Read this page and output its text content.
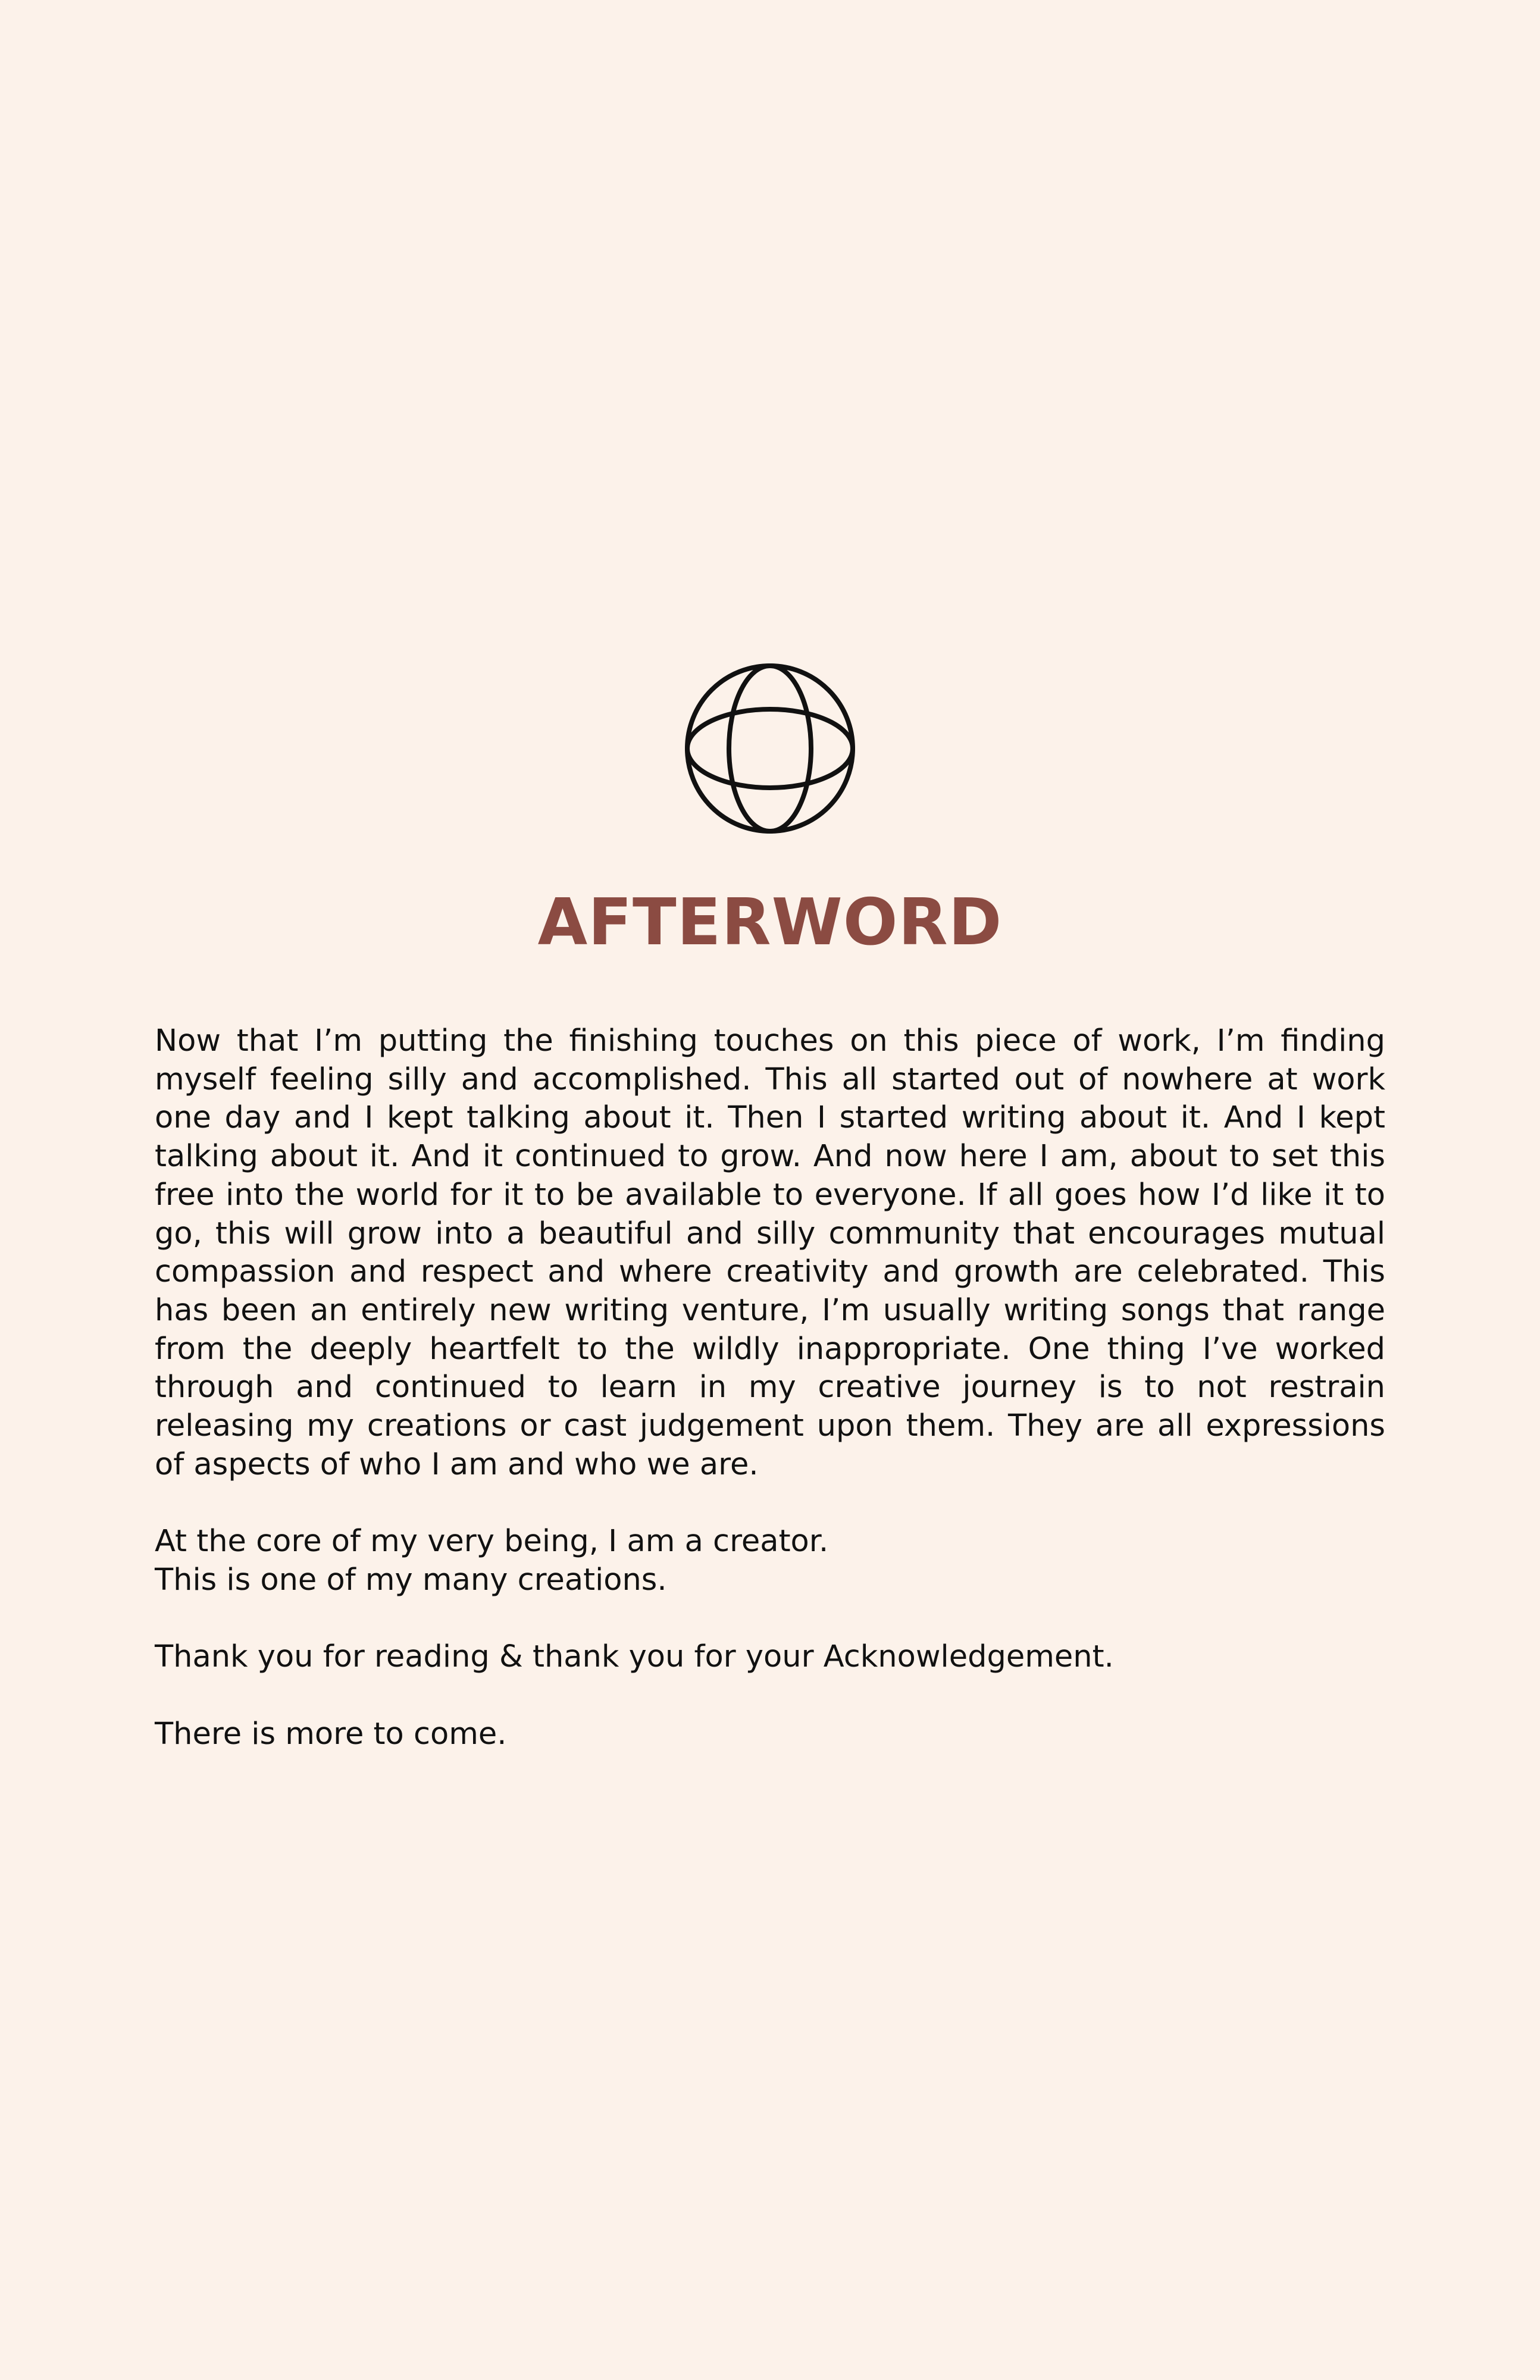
AFTERWORD

Now that I’m putting the finishing touches on this piece of work, I’m finding myself feeling silly and accomplished. This all started out of nowhere at work one day and I kept talking about it. Then I started writing about it. And I kept talking about it. And it continued to grow. And now here I am, about to set this free into the world for it to be available to everyone. If all goes how I’d like it to go, this will grow into a beautiful and silly community that encourages mutual compassion and respect and where creativity and growth are celebrated. This has been an entirely new writing venture, I’m usually writing songs that range from the deeply heartfelt to the wildly inappropriate. One thing I’ve worked through and continued to learn in my creative journey is to not restrain releasing my creations or cast judgement upon them. They are all expressions of aspects of who I am and who we are.

At the core of my very being, I am a creator.
This is one of my many creations.

Thank you for reading & thank you for your Acknowledgement.

There is more to come.
